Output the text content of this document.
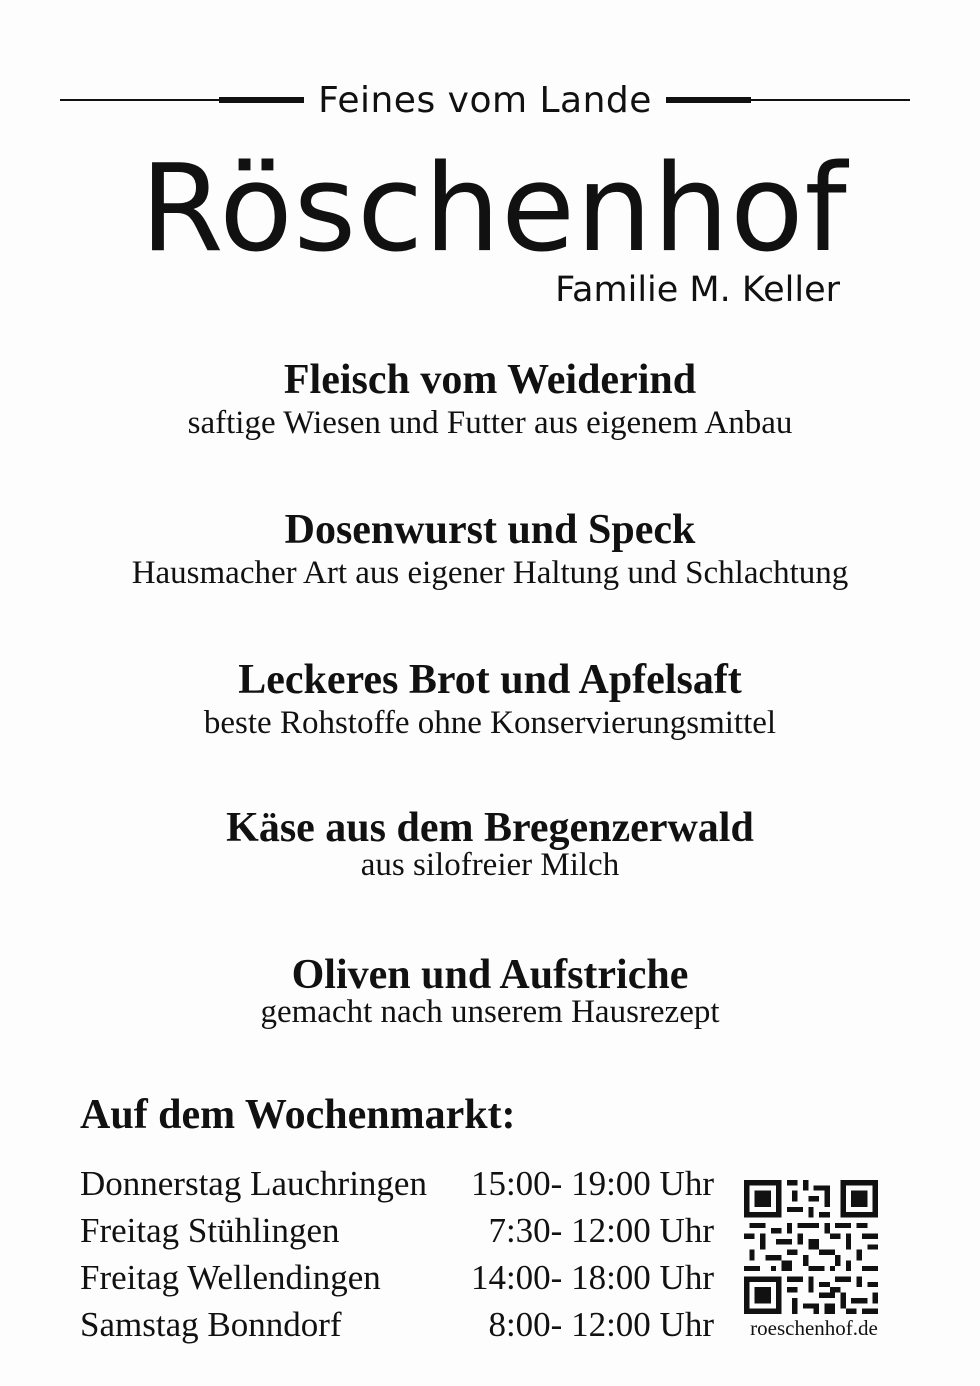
Feines vom Lande
Röschenhof
Familie M. Keller
Fleisch vom Weiderind
saftige Wiesen und Futter aus eigenem Anbau
Dosenwurst und Speck
Hausmacher Art aus eigener Haltung und Schlachtung
Leckeres Brot und Apfelsaft
beste Rohstoffe ohne Konservierungsmittel
Käse aus dem Bregenzerwald
aus silofreier Milch
Oliven und Aufstriche
gemacht nach unserem Hausrezept
Auf dem Wochenmarkt:
Donnerstag Lauchringen 15:00- 19:00 Uhr
Freitag Stühlingen	7:30- 12:00 Uhr
Freitag Wellendingen	14:00- 18:00 Uhr
Samstag Bonndorf	8:00- 12:00 Uhr roeschenhof.de
